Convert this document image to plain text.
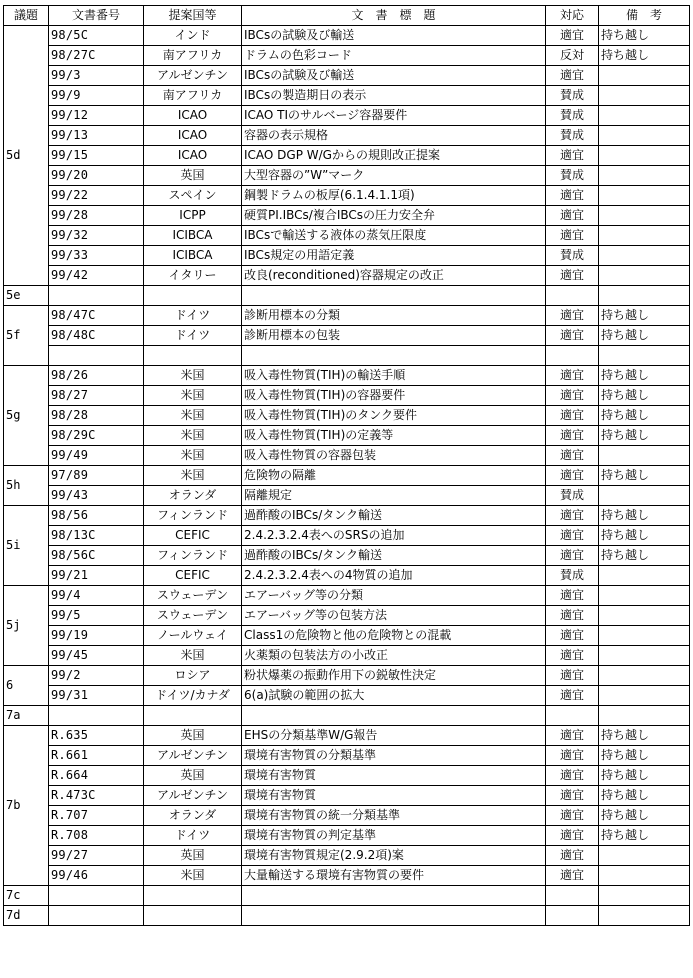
議題	文書番号	提案国等	文　書　標　題	対応	備　考
5d	98/5C	インド	IBCsの試験及び輸送	適宜	持ち越し
	98/27C	南アフリカ	ドラムの色彩コード	反対	持ち越し
	99/3	アルゼンチン	IBCsの試験及び輸送	適宜	
	99/9	南アフリカ	IBCsの製造期日の表示	賛成	
	99/12	ICAO	ICAO TIのサルベージ容器要件	賛成	
	99/13	ICAO	容器の表示規格	賛成	
	99/15	ICAO	ICAO DGP W/Gからの規則改正提案	適宜	
	99/20	英国	大型容器の”W”マーク	賛成	
	99/22	スペイン	鋼製ドラムの板厚(6.1.4.1.1項)	適宜	
	99/28	ICPP	硬質PI.IBCs/複合IBCsの圧力安全弁	適宜	
	99/32	ICIBCA	IBCsで輸送する液体の蒸気圧限度	適宜	
	99/33	ICIBCA	IBCs規定の用語定義	賛成	
	99/42	イタリー	改良(reconditioned)容器規定の改正	適宜	
5e					
5f	98/47C	ドイツ	診断用標本の分類	適宜	持ち越し
	98/48C	ドイツ	診断用標本の包装	適宜	持ち越し

5g	98/26	米国	吸入毒性物質(TIH)の輸送手順	適宜	持ち越し
	98/27	米国	吸入毒性物質(TIH)の容器要件	適宜	持ち越し
	98/28	米国	吸入毒性物質(TIH)のタンク要件	適宜	持ち越し
	98/29C	米国	吸入毒性物質(TIH)の定義等	適宜	持ち越し
	99/49	米国	吸入毒性物質の容器包装	適宜	
5h	97/89	米国	危険物の隔離	適宜	持ち越し
	99/43	オランダ	隔離規定	賛成	
5i	98/56	フィンランド	過酢酸のIBCs/タンク輸送	適宜	持ち越し
	98/13C	CEFIC	2.4.2.3.2.4表へのSRSの追加	適宜	持ち越し
	98/56C	フィンランド	過酢酸のIBCs/タンク輸送	適宜	持ち越し
	99/21	CEFIC	2.4.2.3.2.4表への4物質の追加	賛成	
5j	99/4	スウェーデン	エアーバッグ等の分類	適宜	
	99/5	スウェーデン	エアーバッグ等の包装方法	適宜	
	99/19	ノールウェイ	Class1の危険物と他の危険物との混載	適宜	
	99/45	米国	火薬類の包装法方の小改正	適宜	
6	99/2	ロシア	粉状爆薬の振動作用下の鋭敏性決定	適宜	
	99/31	ドイツ/カナダ	6(a)試験の範囲の拡大	適宜	
7a					
7b	R.635	英国	EHSの分類基準W/G報告	適宜	持ち越し
	R.661	アルゼンチン	環境有害物質の分類基準	適宜	持ち越し
	R.664	英国	環境有害物質	適宜	持ち越し
	R.473C	アルゼンチン	環境有害物質	適宜	持ち越し
	R.707	オランダ	環境有害物質の統一分類基準	適宜	持ち越し
	R.708	ドイツ	環境有害物質の判定基準	適宜	持ち越し
	99/27	英国	環境有害物質規定(2.9.2項)案	適宜	
	99/46	米国	大量輸送する環境有害物質の要件	適宜	
7c					
7d					
